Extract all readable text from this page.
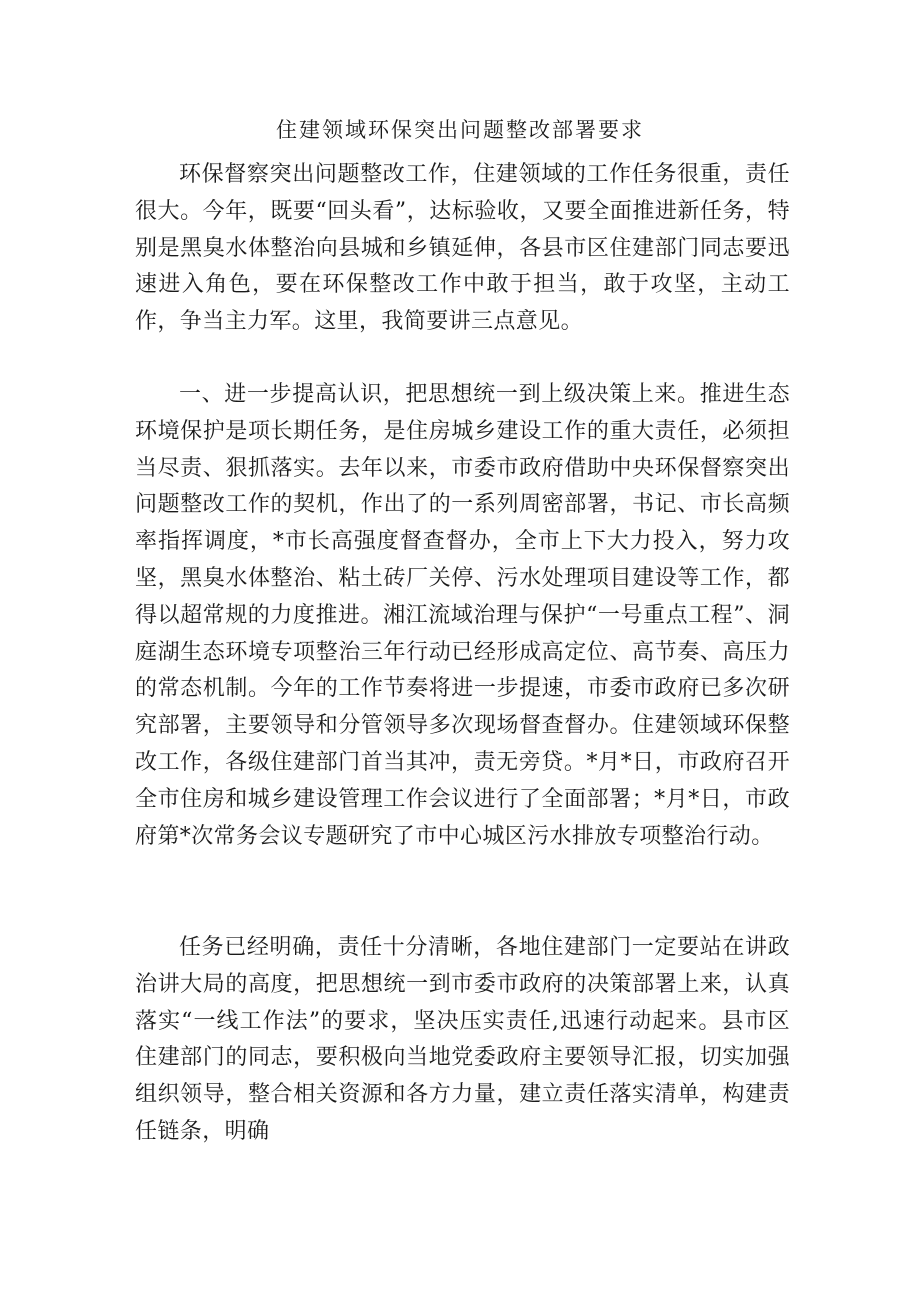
住建领域环保突出问题整改部署要求

环保督察突出问题整改工作，住建领域的工作任务很重，责任很大。今年，既要“回头看”，达标验收，又要全面推进新任务，特别是黑臭水体整治向县城和乡镇延伸，各县市区住建部门同志要迅速进入角色，要在环保整改工作中敢于担当，敢于攻坚，主动工作，争当主力军。这里，我简要讲三点意见。

一、进一步提高认识，把思想统一到上级决策上来。推进生态环境保护是项长期任务，是住房城乡建设工作的重大责任，必须担当尽责、狠抓落实。去年以来，市委市政府借助中央环保督察突出问题整改工作的契机，作出了的一系列周密部署，书记、市长高频率指挥调度，*市长高强度督查督办，全市上下大力投入，努力攻坚，黑臭水体整治、粘土砖厂关停、污水处理项目建设等工作，都得以超常规的力度推进。湘江流域治理与保护“一号重点工程”、洞庭湖生态环境专项整治三年行动已经形成高定位、高节奏、高压力的常态机制。今年的工作节奏将进一步提速，市委市政府已多次研究部署，主要领导和分管领导多次现场督查督办。住建领域环保整改工作，各级住建部门首当其冲，责无旁贷。*月*日，市政府召开全市住房和城乡建设管理工作会议进行了全面部署；*月*日，市政府第*次常务会议专题研究了市中心城区污水排放专项整治行动。

任务已经明确，责任十分清晰，各地住建部门一定要站在讲政治讲大局的高度，把思想统一到市委市政府的决策部署上来，认真落实“一线工作法”的要求，坚决压实责任,迅速行动起来。县市区住建部门的同志，要积极向当地党委政府主要领导汇报，切实加强组织领导，整合相关资源和各方力量，建立责任落实清单，构建责任链条，明确
